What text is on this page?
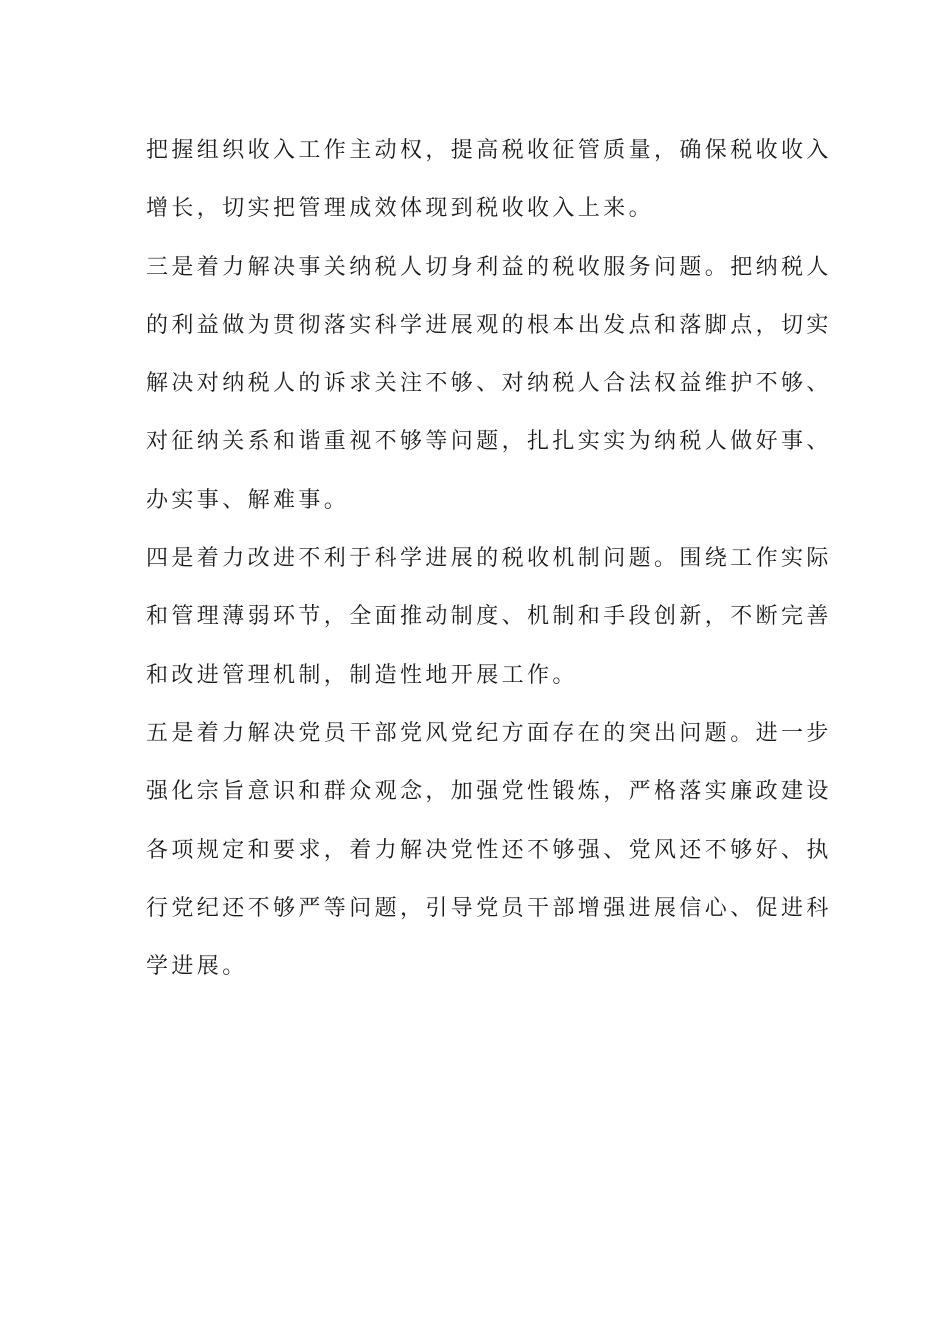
把握组织收入工作主动权，提高税收征管质量，确保税收收入
增长，切实把管理成效体现到税收收入上来。
三是着力解决事关纳税人切身利益的税收服务问题。把纳税人
的利益做为贯彻落实科学进展观的根本出发点和落脚点，切实
解决对纳税人的诉求关注不够、对纳税人合法权益维护不够、
对征纳关系和谐重视不够等问题，扎扎实实为纳税人做好事、
办实事、解难事。
四是着力改进不利于科学进展的税收机制问题。围绕工作实际
和管理薄弱环节，全面推动制度、机制和手段创新，不断完善
和改进管理机制，制造性地开展工作。
五是着力解决党员干部党风党纪方面存在的突出问题。进一步
强化宗旨意识和群众观念，加强党性锻炼，严格落实廉政建设
各项规定和要求，着力解决党性还不够强、党风还不够好、执
行党纪还不够严等问题，引导党员干部增强进展信心、促进科
学进展。
